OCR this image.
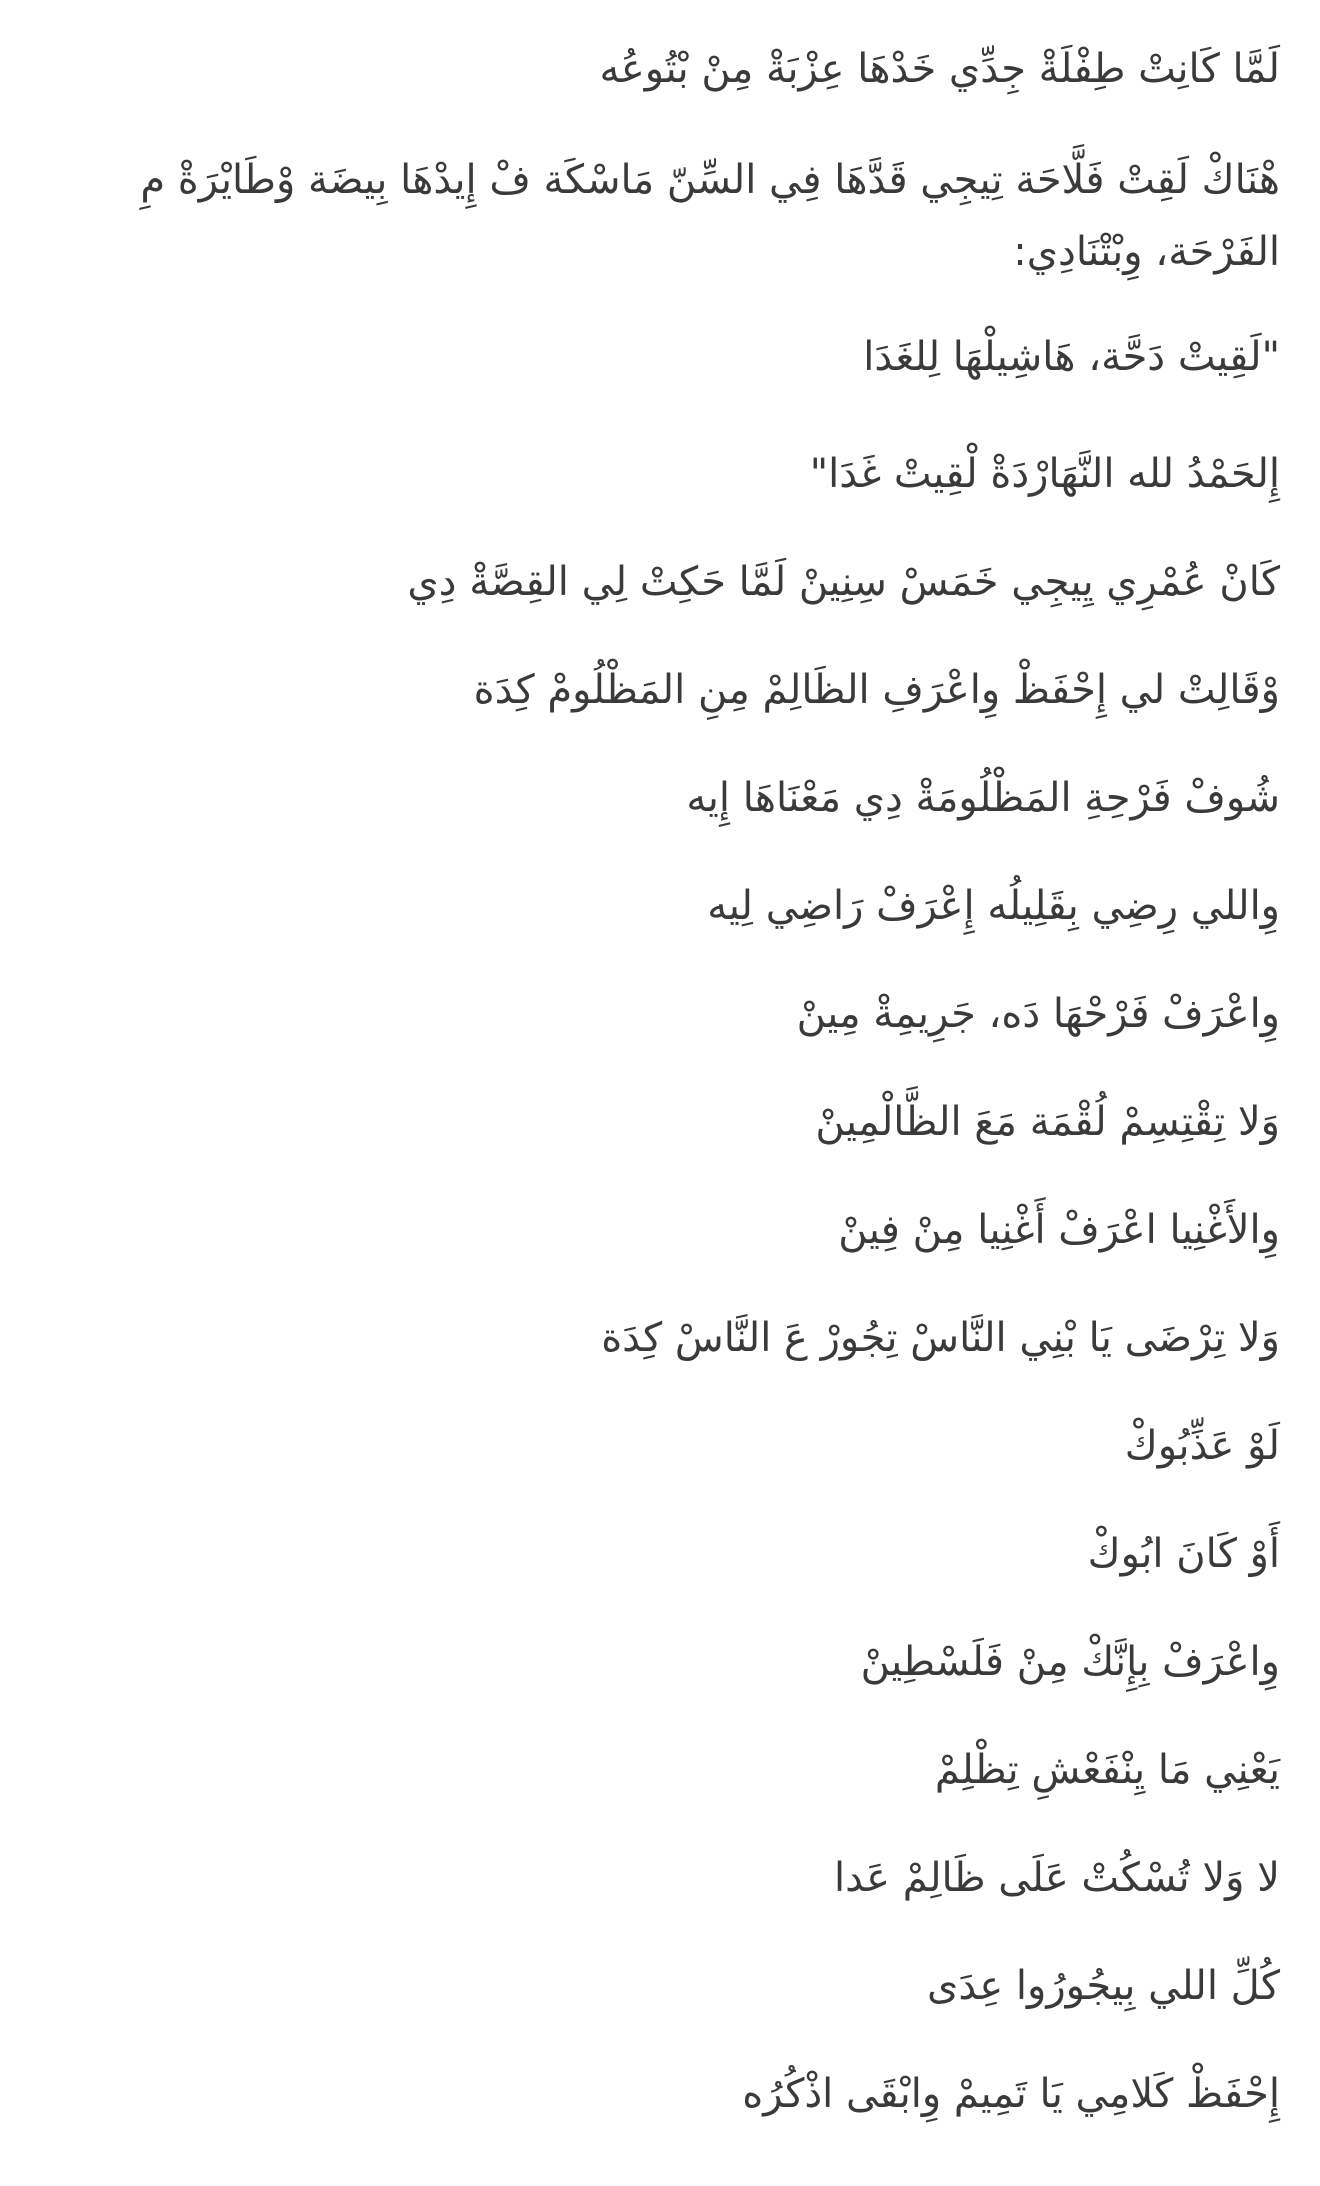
لَمَّا كَانِتْ طِفْلَةْ جِدِّي خَدْهَا عِزْبَةْ مِنْ بْتُوعُه
هْنَاكْ لَقِتْ فَلَّاحَة تِيجِي قَدَّهَا فِي السِّنّ مَاسْكَة فْ إِيدْهَا بِيضَة وْطَايْرَةْ مِ الفَرْحَة، وِبْتْنَادِي:
"لَقِيتْ دَحَّة، هَاشِيلْهَا لِلغَدَا
إِلحَمْدُ لله النَّهَارْدَةْ لْقِيتْ غَدَا"
كَانْ عُمْرِي يِيجِي خَمَسْ سِنِينْ لَمَّا حَكِتْ لِي القِصَّةْ دِي
وْقَالِتْ لي إِحْفَظْ وِاعْرَفِ الظَالِمْ مِنِ المَظْلُومْ كِدَة
شُوفْ فَرْحِةِ المَظْلُومَةْ دِي مَعْنَاهَا إِيه
وِاللي رِضِي بِقَلِيلُه إِعْرَفْ رَاضِي لِيه
وِاعْرَفْ فَرْحْهَا دَه، جَرِيمِةْ مِينْ
وَلا تِقْتِسِمْ لُقْمَة مَعَ الظَّالْمِينْ
وِالأَغْنِيا اعْرَفْ أَغْنِيا مِنْ فِينْ
وَلا تِرْضَى يَا بْنِي النَّاسْ تِجُورْ عَ النَّاسْ كِدَة
لَوْ عَذِّبُوكْ
أَوْ كَانَ ابُوكْ
وِاعْرَفْ بِإِنَّكْ مِنْ فَلَسْطِينْ
يَعْنِي مَا يِنْفَعْشِ تِظْلِمْ
لا وَلا تُسْكُتْ عَلَى ظَالِمْ عَدا
كُلِّ اللي بِيجُورُوا عِدَى
إِحْفَظْ كَلامِي يَا تَمِيمْ وِابْقَى اذْكُرُه
